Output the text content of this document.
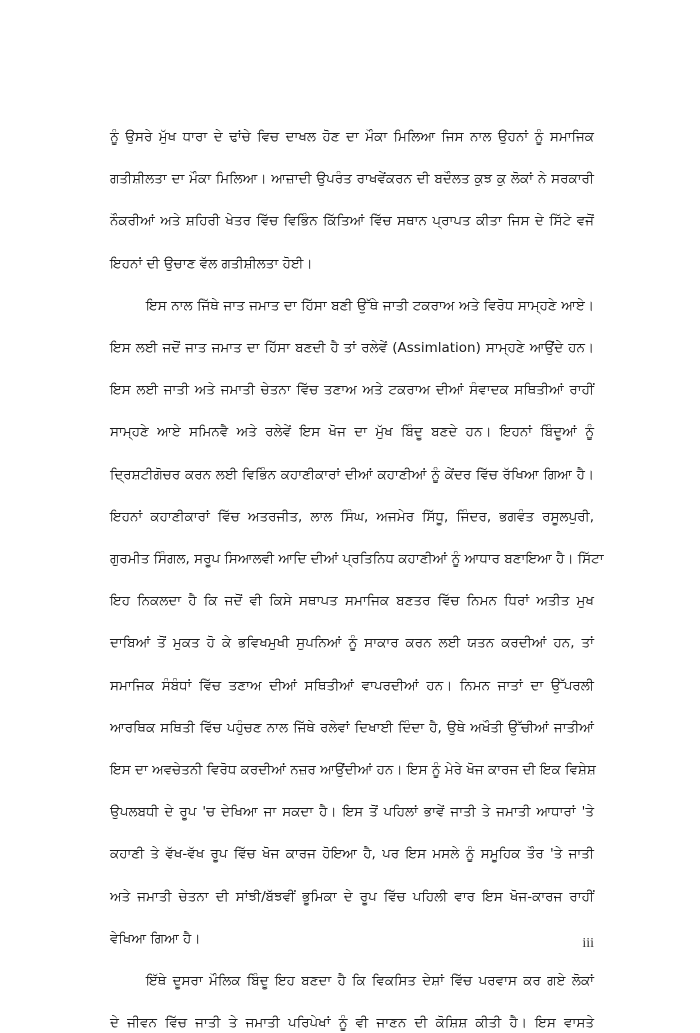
ਨੂੰ ਉਸਰੇ ਮੁੱਖ ਧਾਰਾ ਦੇ ਢਾਂਚੇ ਵਿਚ ਦਾਖਲ ਹੋਣ ਦਾ ਮੌਕਾ ਮਿਲਿਆ ਜਿਸ ਨਾਲ ਉਹਨਾਂ ਨੂੰ ਸਮਾਜਿਕ
ਗਤੀਸ਼ੀਲਤਾ ਦਾ ਮੌਕਾ ਮਿਲਿਆ। ਆਜ਼ਾਦੀ ਉਪਰੰਤ ਰਾਖਵੇਂਕਰਨ ਦੀ ਬਦੌਲਤ ਕੁਝ ਕੁ ਲੋਕਾਂ ਨੇ ਸਰਕਾਰੀ
ਨੌਕਰੀਆਂ ਅਤੇ ਸ਼ਹਿਰੀ ਖੇਤਰ ਵਿੱਚ ਵਿਭਿੰਨ ਕਿੱਤਿਆਂ ਵਿੱਚ ਸਥਾਨ ਪ੍ਰਾਪਤ ਕੀਤਾ ਜਿਸ ਦੇ ਸਿੱਟੇ ਵਜੋਂ
ਇਹਨਾਂ ਦੀ ਉਚਾਣ ਵੱਲ ਗਤੀਸ਼ੀਲਤਾ ਹੋਈ।
ਇਸ ਨਾਲ ਜਿੱਥੇ ਜਾਤ ਜਮਾਤ ਦਾ ਹਿੱਸਾ ਬਣੀ ਉੱਥੇ ਜਾਤੀ ਟਕਰਾਅ ਅਤੇ ਵਿਰੋਧ ਸਾਮ੍ਹਣੇ ਆਏ।
ਇਸ ਲਈ ਜਦੋਂ ਜਾਤ ਜਮਾਤ ਦਾ ਹਿੱਸਾ ਬਣਦੀ ਹੈ ਤਾਂ ਰਲੇਵੇਂ (Assimlation) ਸਾਮ੍ਹਣੇ ਆਉਂਦੇ ਹਨ।
ਇਸ ਲਈ ਜਾਤੀ ਅਤੇ ਜਮਾਤੀ ਚੇਤਨਾ ਵਿੱਚ ਤਣਾਅ ਅਤੇ ਟਕਰਾਅ ਦੀਆਂ ਸੰਵਾਦਕ ਸਥਿਤੀਆਂ ਰਾਹੀਂ
ਸਾਮ੍ਹਣੇ ਆਏ ਸਮਿਨਵੈ ਅਤੇ ਰਲੇਵੇਂ ਇਸ ਖੋਜ ਦਾ ਮੁੱਖ ਬਿੰਦੂ ਬਣਦੇ ਹਨ। ਇਹਨਾਂ ਬਿੰਦੂਆਂ ਨੂੰ
ਦ੍ਰਿਸ਼ਟੀਗੋਚਰ ਕਰਨ ਲਈ ਵਿਭਿੰਨ ਕਹਾਣੀਕਾਰਾਂ ਦੀਆਂ ਕਹਾਣੀਆਂ ਨੂੰ ਕੇਂਦਰ ਵਿੱਚ ਰੱਖਿਆ ਗਿਆ ਹੈ।
ਇਹਨਾਂ ਕਹਾਣੀਕਾਰਾਂ ਵਿੱਚ ਅਤਰਜੀਤ, ਲਾਲ ਸਿੰਘ, ਅਜਮੇਰ ਸਿੱਧੂ, ਜਿੰਦਰ, ਭਗਵੰਤ ਰਸੂਲਪੁਰੀ,
ਗੁਰਮੀਤ ਸਿੰਗਲ, ਸਰੂਪ ਸਿਆਲਵੀ ਆਦਿ ਦੀਆਂ ਪ੍ਰਤਿਨਿਧ ਕਹਾਣੀਆਂ ਨੂੰ ਆਧਾਰ ਬਣਾਇਆ ਹੈ। ਸਿੱਟਾ
ਇਹ ਨਿਕਲਦਾ ਹੈ ਕਿ ਜਦੋਂ ਵੀ ਕਿਸੇ ਸਥਾਪਤ ਸਮਾਜਿਕ ਬਣਤਰ ਵਿੱਚ ਨਿਮਨ ਧਿਰਾਂ ਅਤੀਤ ਮੁਖ
ਦਾਬਿਆਂ ਤੋਂ ਮੁਕਤ ਹੋ ਕੇ ਭਵਿਖਮੁਖੀ ਸੁਪਨਿਆਂ ਨੂੰ ਸਾਕਾਰ ਕਰਨ ਲਈ ਯਤਨ ਕਰਦੀਆਂ ਹਨ, ਤਾਂ
ਸਮਾਜਿਕ ਸੰਬੰਧਾਂ ਵਿੱਚ ਤਣਾਅ ਦੀਆਂ ਸਥਿਤੀਆਂ ਵਾਪਰਦੀਆਂ ਹਨ। ਨਿਮਨ ਜਾਤਾਂ ਦਾ ਉੱਪਰਲੀ
ਆਰਥਿਕ ਸਥਿਤੀ ਵਿੱਚ ਪਹੁੰਚਣ ਨਾਲ ਜਿੱਥੇ ਰਲੇਵਾਂ ਦਿਖਾਈ ਦਿੰਦਾ ਹੈ, ਉਥੇ ਅਖੌਤੀ ਉੱਚੀਆਂ ਜਾਤੀਆਂ
ਇਸ ਦਾ ਅਵਚੇਤਨੀ ਵਿਰੋਧ ਕਰਦੀਆਂ ਨਜ਼ਰ ਆਉਂਦੀਆਂ ਹਨ। ਇਸ ਨੂੰ ਮੇਰੇ ਖੋਜ ਕਾਰਜ ਦੀ ਇਕ ਵਿਸ਼ੇਸ਼
ਉਪਲਬਧੀ ਦੇ ਰੂਪ 'ਚ ਦੇਖਿਆ ਜਾ ਸਕਦਾ ਹੈ। ਇਸ ਤੋਂ ਪਹਿਲਾਂ ਭਾਵੇਂ ਜਾਤੀ ਤੇ ਜਮਾਤੀ ਆਧਾਰਾਂ 'ਤੇ
ਕਹਾਣੀ ਤੇ ਵੱਖ-ਵੱਖ ਰੂਪ ਵਿੱਚ ਖੋਜ ਕਾਰਜ ਹੋਇਆ ਹੈ, ਪਰ ਇਸ ਮਸਲੇ ਨੂੰ ਸਮੂਹਿਕ ਤੌਰ 'ਤੇ ਜਾਤੀ
ਅਤੇ ਜਮਾਤੀ ਚੇਤਨਾ ਦੀ ਸਾਂਝੀ/ਬੱਝਵੀਂ ਭੂਮਿਕਾ ਦੇ ਰੂਪ ਵਿੱਚ ਪਹਿਲੀ ਵਾਰ ਇਸ ਖੋਜ-ਕਾਰਜ ਰਾਹੀਂ
ਵੇਖਿਆ ਗਿਆ ਹੈ।
ਇੱਥੇ ਦੂਸਰਾ ਮੌਲਿਕ ਬਿੰਦੂ ਇਹ ਬਣਦਾ ਹੈ ਕਿ ਵਿਕਸਿਤ ਦੇਸ਼ਾਂ ਵਿੱਚ ਪਰਵਾਸ ਕਰ ਗਏ ਲੋਕਾਂ
ਦੇ ਜੀਵਨ ਵਿੱਚ ਜਾਤੀ ਤੇ ਜਮਾਤੀ ਪਰਿਪੇਖਾਂ ਨੂੰ ਵੀ ਜਾਣਨ ਦੀ ਕੋਸ਼ਿਸ਼ ਕੀਤੀ ਹੈ। ਇਸ ਵਾਸਤੇ
iii
